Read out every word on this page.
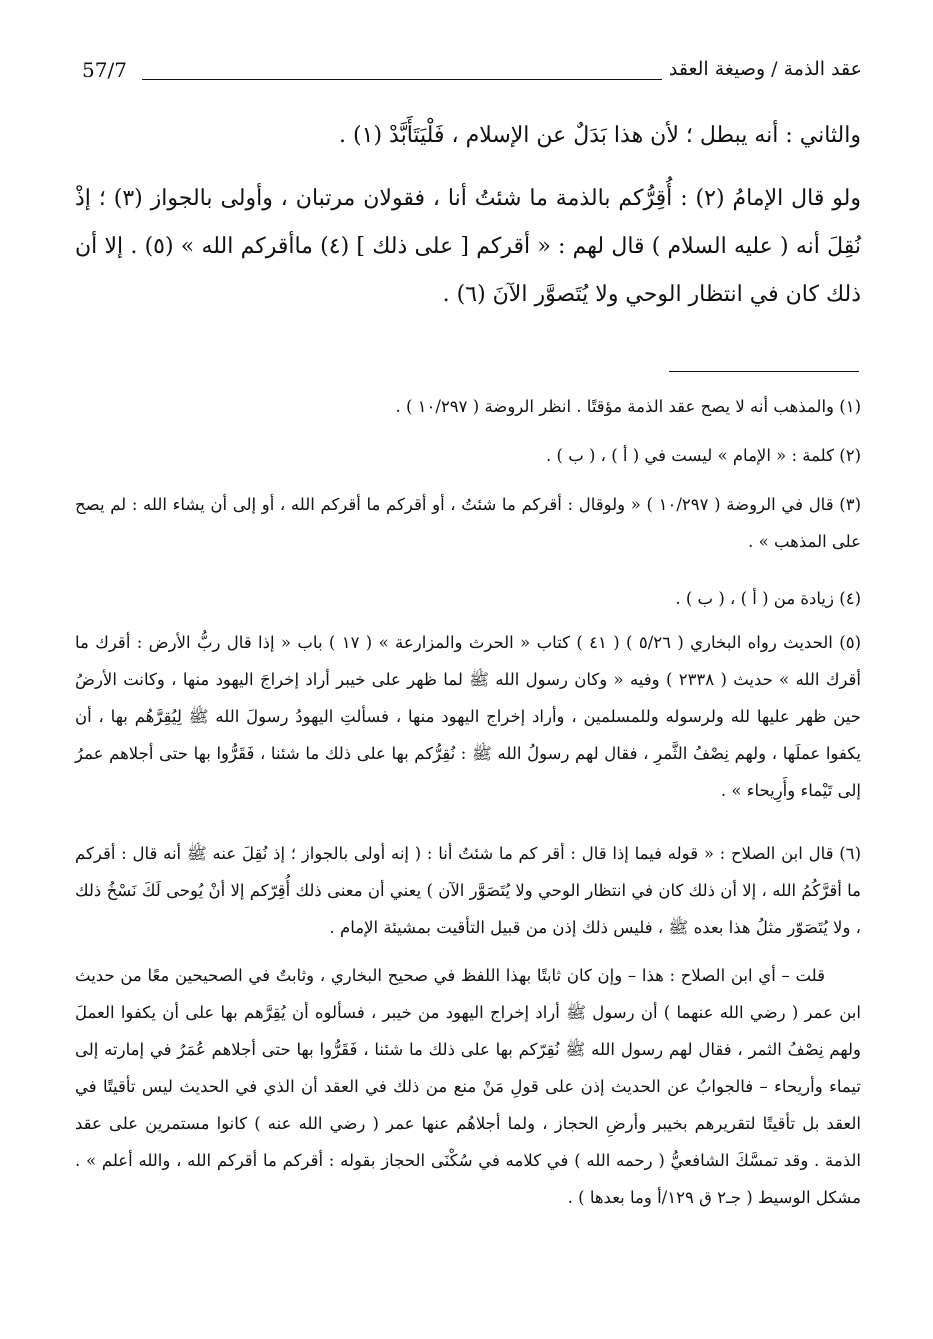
57/7	عقد الذمة / وصيغة العقد
والثاني : أنه يبطل ؛ لأن هذا بَدَلٌ عن الإسلام ، فَلْيَتَأَبَّدْ (١) .
ولو قال الإمامُ (٢) : أُقِرُّكم بالذمة ما شئتُ أنا ، فقولان مرتبان ، وأولى بالجواز (٣) ؛ إذْ نُقِلَ أنه ( عليه السلام ) قال لهم : « أقركم [ على ذلك ] (٤) ماأقركم الله » (٥) . إلا أن ذلك كان في انتظار الوحي ولا يُتَصوَّر الآنَ (٦) .
(١) والمذهب أنه لا يصح عقد الذمة مؤقتًا . انظر الروضة ( ١٠/٢٩٧ ) .
(٢) كلمة : « الإمام » ليست في ( أ ) ، ( ب ) .
(٣) قال في الروضة ( ١٠/٢٩٧ ) « ولوقال : أقركم ما شئتُ ، أو أقركم ما أقركم الله ، أو إلى أن يشاء الله : لم يصح على المذهب » .
(٤) زيادة من ( أ ) ، ( ب ) .
(٥) الحديث رواه البخاري ( ٥/٢٦ ) ( ٤١ ) كتاب « الحرث والمزارعة » ( ١٧ ) باب « إذا قال ربُّ الأرض : أقرك ما أقرك الله » حديث ( ٢٣٣٨ ) وفيه « وكان رسول الله ﷺ لما ظهر على خيبر أراد إخراجَ اليهود منها ، وكانت الأرضُ حين ظهر عليها لله ولرسوله وللمسلمين ، وأراد إخراج اليهود منها ، فسألتِ اليهودُ رسولَ الله ﷺ لِيُقِرَّهُم بها ، أن يكفوا عملَها ، ولهم نِصْفُ الثَّمرِ ، فقال لهم رسولُ الله ﷺ : نُقِرُّكم بها على ذلك ما شئنا ، فَقَرُّوا بها حتى أجلاهم عمرُ إلى تَيْماء وأَرِيحاء » .
(٦) قال ابن الصلاح : « قوله فيما إذا قال : أقر كم ما شئتُ أنا : ( إنه أولى بالجواز ؛ إذ نُقِلَ عنه ﷺ أنه قال : أقركم ما أقرَّكُمُ الله ، إلا أن ذلك كان في انتظار الوحي ولا يُتَصَوَّر الآن ) يعني أن معنى ذلك أُقِرّكم إلا أنْ يُوحى لَكَ نَسْخُ ذلك ، ولا يُتَصَوّر مثلُ هذا بعده ﷺ ، فليس ذلك إذن من قبيل التأقيت بمشيئة الإمام .
قلت – أي ابن الصلاح : هذا – وإن كان ثابتًا بهذا اللفظ في صحيح البخاري ، وثابتٌ في الصحيحين معًا من حديث ابن عمر ( رضي الله عنهما ) أن رسول ﷺ أراد إخراج اليهود من خيبر ، فسألوه أن يُقِرَّهم بها على أن يكفوا العملَ ولهم نِصْفُ الثمر ، فقال لهم رسول الله ﷺ نُقِرّكم بها على ذلك ما شئنا ، فَقَرُّوا بها حتى أجلاهم عُمَرُ في إمارته إلى تيماء وأريحاء – فالجوابُ عن الحديث إذن على قولِ مَنْ منع من ذلك في العقد أن الذي في الحديث ليس تأقيتًا في العقد بل تأقيتًا لتقريرهم بخيبر وأرضِ الحجاز ، ولما أجلاهُم عنها عمر ( رضي الله عنه ) كانوا مستمرين على عقد الذمة . وقد تمسَّكَ الشافعيُّ ( رحمه الله ) في كلامه في سُكْنَى الحجاز بقوله : أقركم ما أقركم الله ، والله أعلم » . مشكل الوسيط ( جـ٢ ق ١٢٩/أ وما بعدها ) .
